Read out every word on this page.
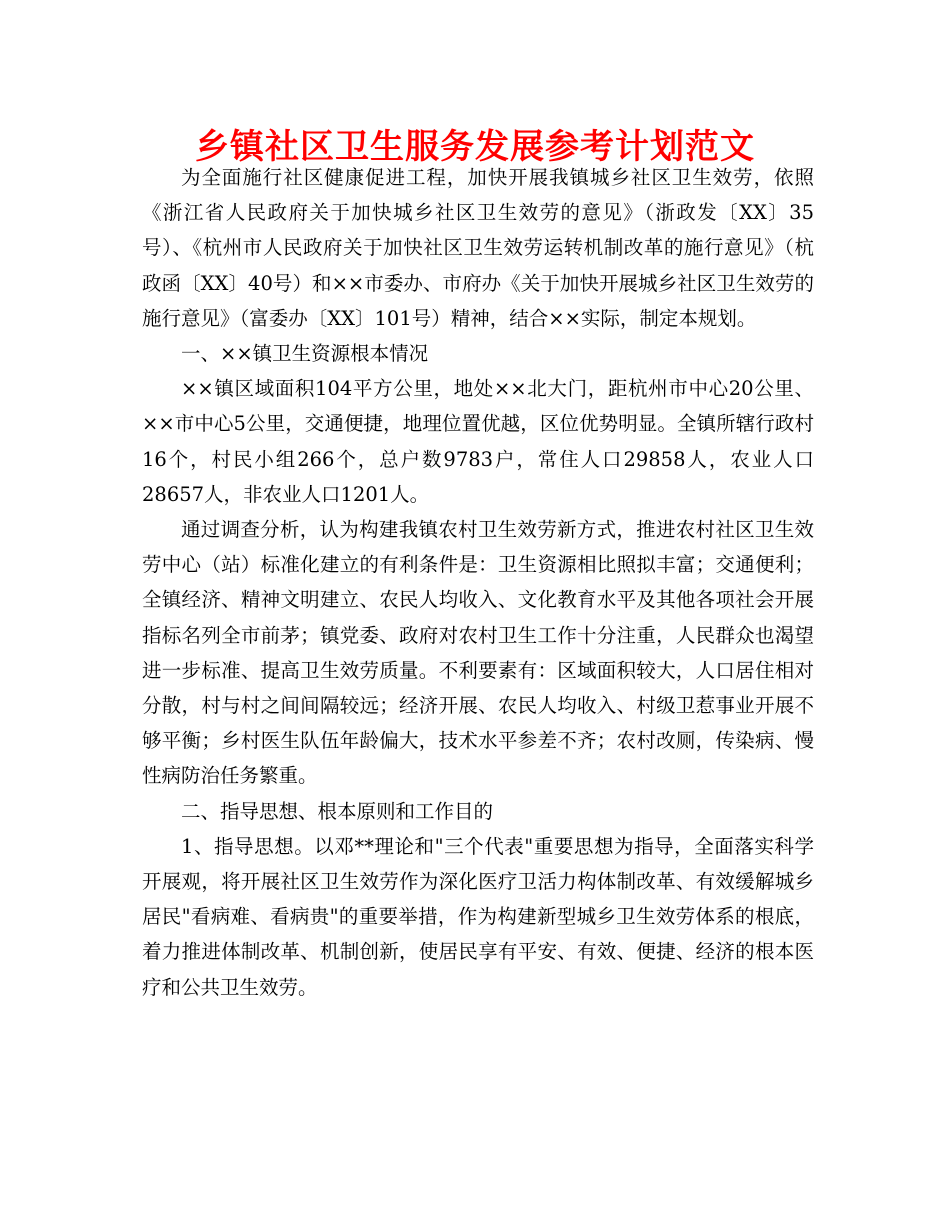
乡镇社区卫生服务发展参考计划范文

为全面施行社区健康促进工程，加快开展我镇城乡社区卫生效劳，依照《浙江省人民政府关于加快城乡社区卫生效劳的意见》（浙政发〔XX〕35号）、《杭州市人民政府关于加快社区卫生效劳运转机制改革的施行意见》（杭政函〔XX〕40号）和××市委办、市府办《关于加快开展城乡社区卫生效劳的施行意见》（富委办〔XX〕101号）精神，结合××实际，制定本规划。

一、××镇卫生资源根本情况

××镇区域面积104平方公里，地处××北大门，距杭州市中心20公里、××市中心5公里，交通便捷，地理位置优越，区位优势明显。全镇所辖行政村16个，村民小组266个，总户数9783户，常住人口29858人，农业人口28657人，非农业人口1201人。

通过调查分析，认为构建我镇农村卫生效劳新方式，推进农村社区卫生效劳中心（站）标准化建立的有利条件是：卫生资源相比照拟丰富；交通便利；全镇经济、精神文明建立、农民人均收入、文化教育水平及其他各项社会开展指标名列全市前茅；镇党委、政府对农村卫生工作十分注重，人民群众也渴望进一步标准、提高卫生效劳质量。不利要素有：区域面积较大，人口居住相对分散，村与村之间间隔较远；经济开展、农民人均收入、村级卫惹事业开展不够平衡；乡村医生队伍年龄偏大，技术水平参差不齐；农村改厕，传染病、慢性病防治任务繁重。

二、指导思想、根本原则和工作目的

1、指导思想。以邓**理论和"三个代表"重要思想为指导，全面落实科学开展观，将开展社区卫生效劳作为深化医疗卫活力构体制改革、有效缓解城乡居民"看病难、看病贵"的重要举措，作为构建新型城乡卫生效劳体系的根底，着力推进体制改革、机制创新，使居民享有平安、有效、便捷、经济的根本医疗和公共卫生效劳。
